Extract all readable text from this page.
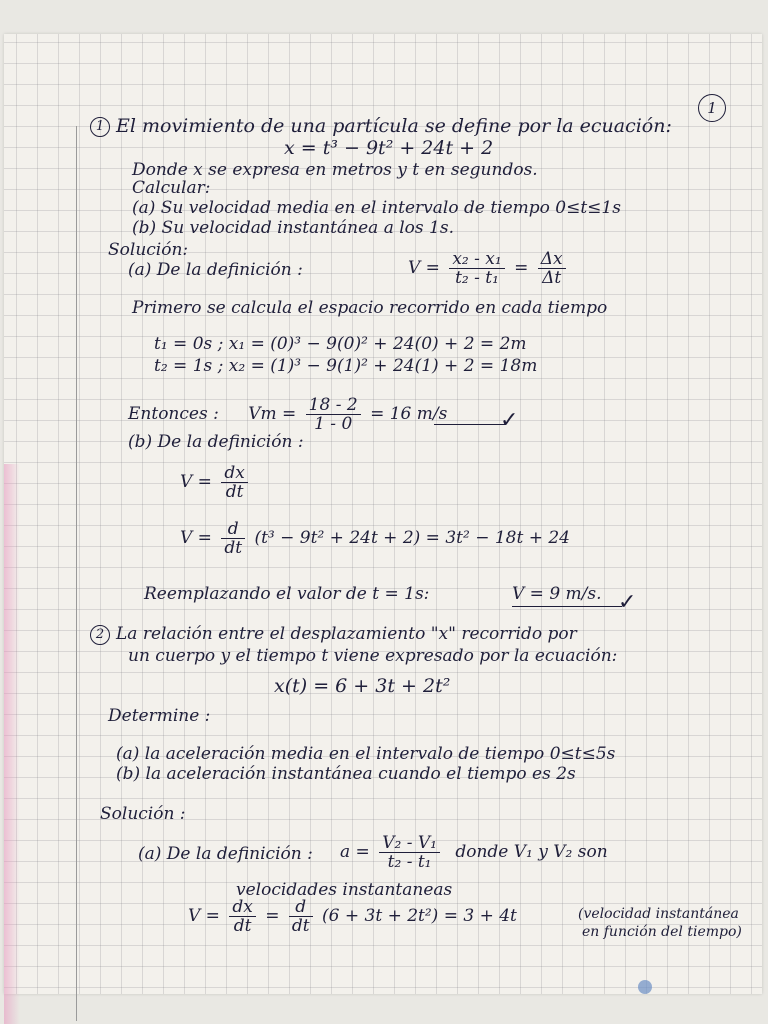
1
1 El movimiento de una partícula se define por la ecuación:
x = t³ − 9t² + 24t + 2
Donde x se expresa en metros y t en segundos.
Calcular:
(a) Su velocidad media en el intervalo de tiempo 0≤t≤1s
(b) Su velocidad instantánea a los 1s.
Solución:
(a) De la definición :	$V = \frac{\text{x₂ - x₁}}{\text{t₂ - t₁}} = \frac{\Delta x}{\Delta t}$
Primero se calcula el espacio recorrido en cada tiempo
t₁ = 0s ; x₁ = (0)³ − 9(0)² + 24(0) + 2 = 2m
t₂ = 1s ; x₂ = (1)³ − 9(1)² + 24(1) + 2 = 18m
Entonces : $Vm = \frac{18 - 2}{1 - 0} = 16$ m/s ✓
(b) De la definición :
$V = \frac{dx}{dt}$
$V = \frac{d}{dt} (t^3 - 9t^2 + 24t + 2) = 3t^2 - 18t + 24$
Reemplazando el valor de t = 1s:	V = 9 m/s. ✓
2 La relación entre el desplazamiento "x" recorrido por
un cuerpo y el tiempo t viene expresado por la ecuación:
x(t) = 6 + 3t + 2t²
Determine :
(a) la aceleración media en el intervalo de tiempo 0≤t≤5s
(b) la aceleración instantánea cuando el tiempo es 2s
Solución :
(a) De la definición : $a = \frac{\text{V₂ - V₁}}{\text{t₂ - t₁}}$ donde V₁ y V₂ son
velocidades instantaneas
$V = \frac{dx}{dt} = \frac{d}{dt} (6 + 3t + 2t^2) = 3 + 4t$	(velocidad instantánea
en función del tiempo)
